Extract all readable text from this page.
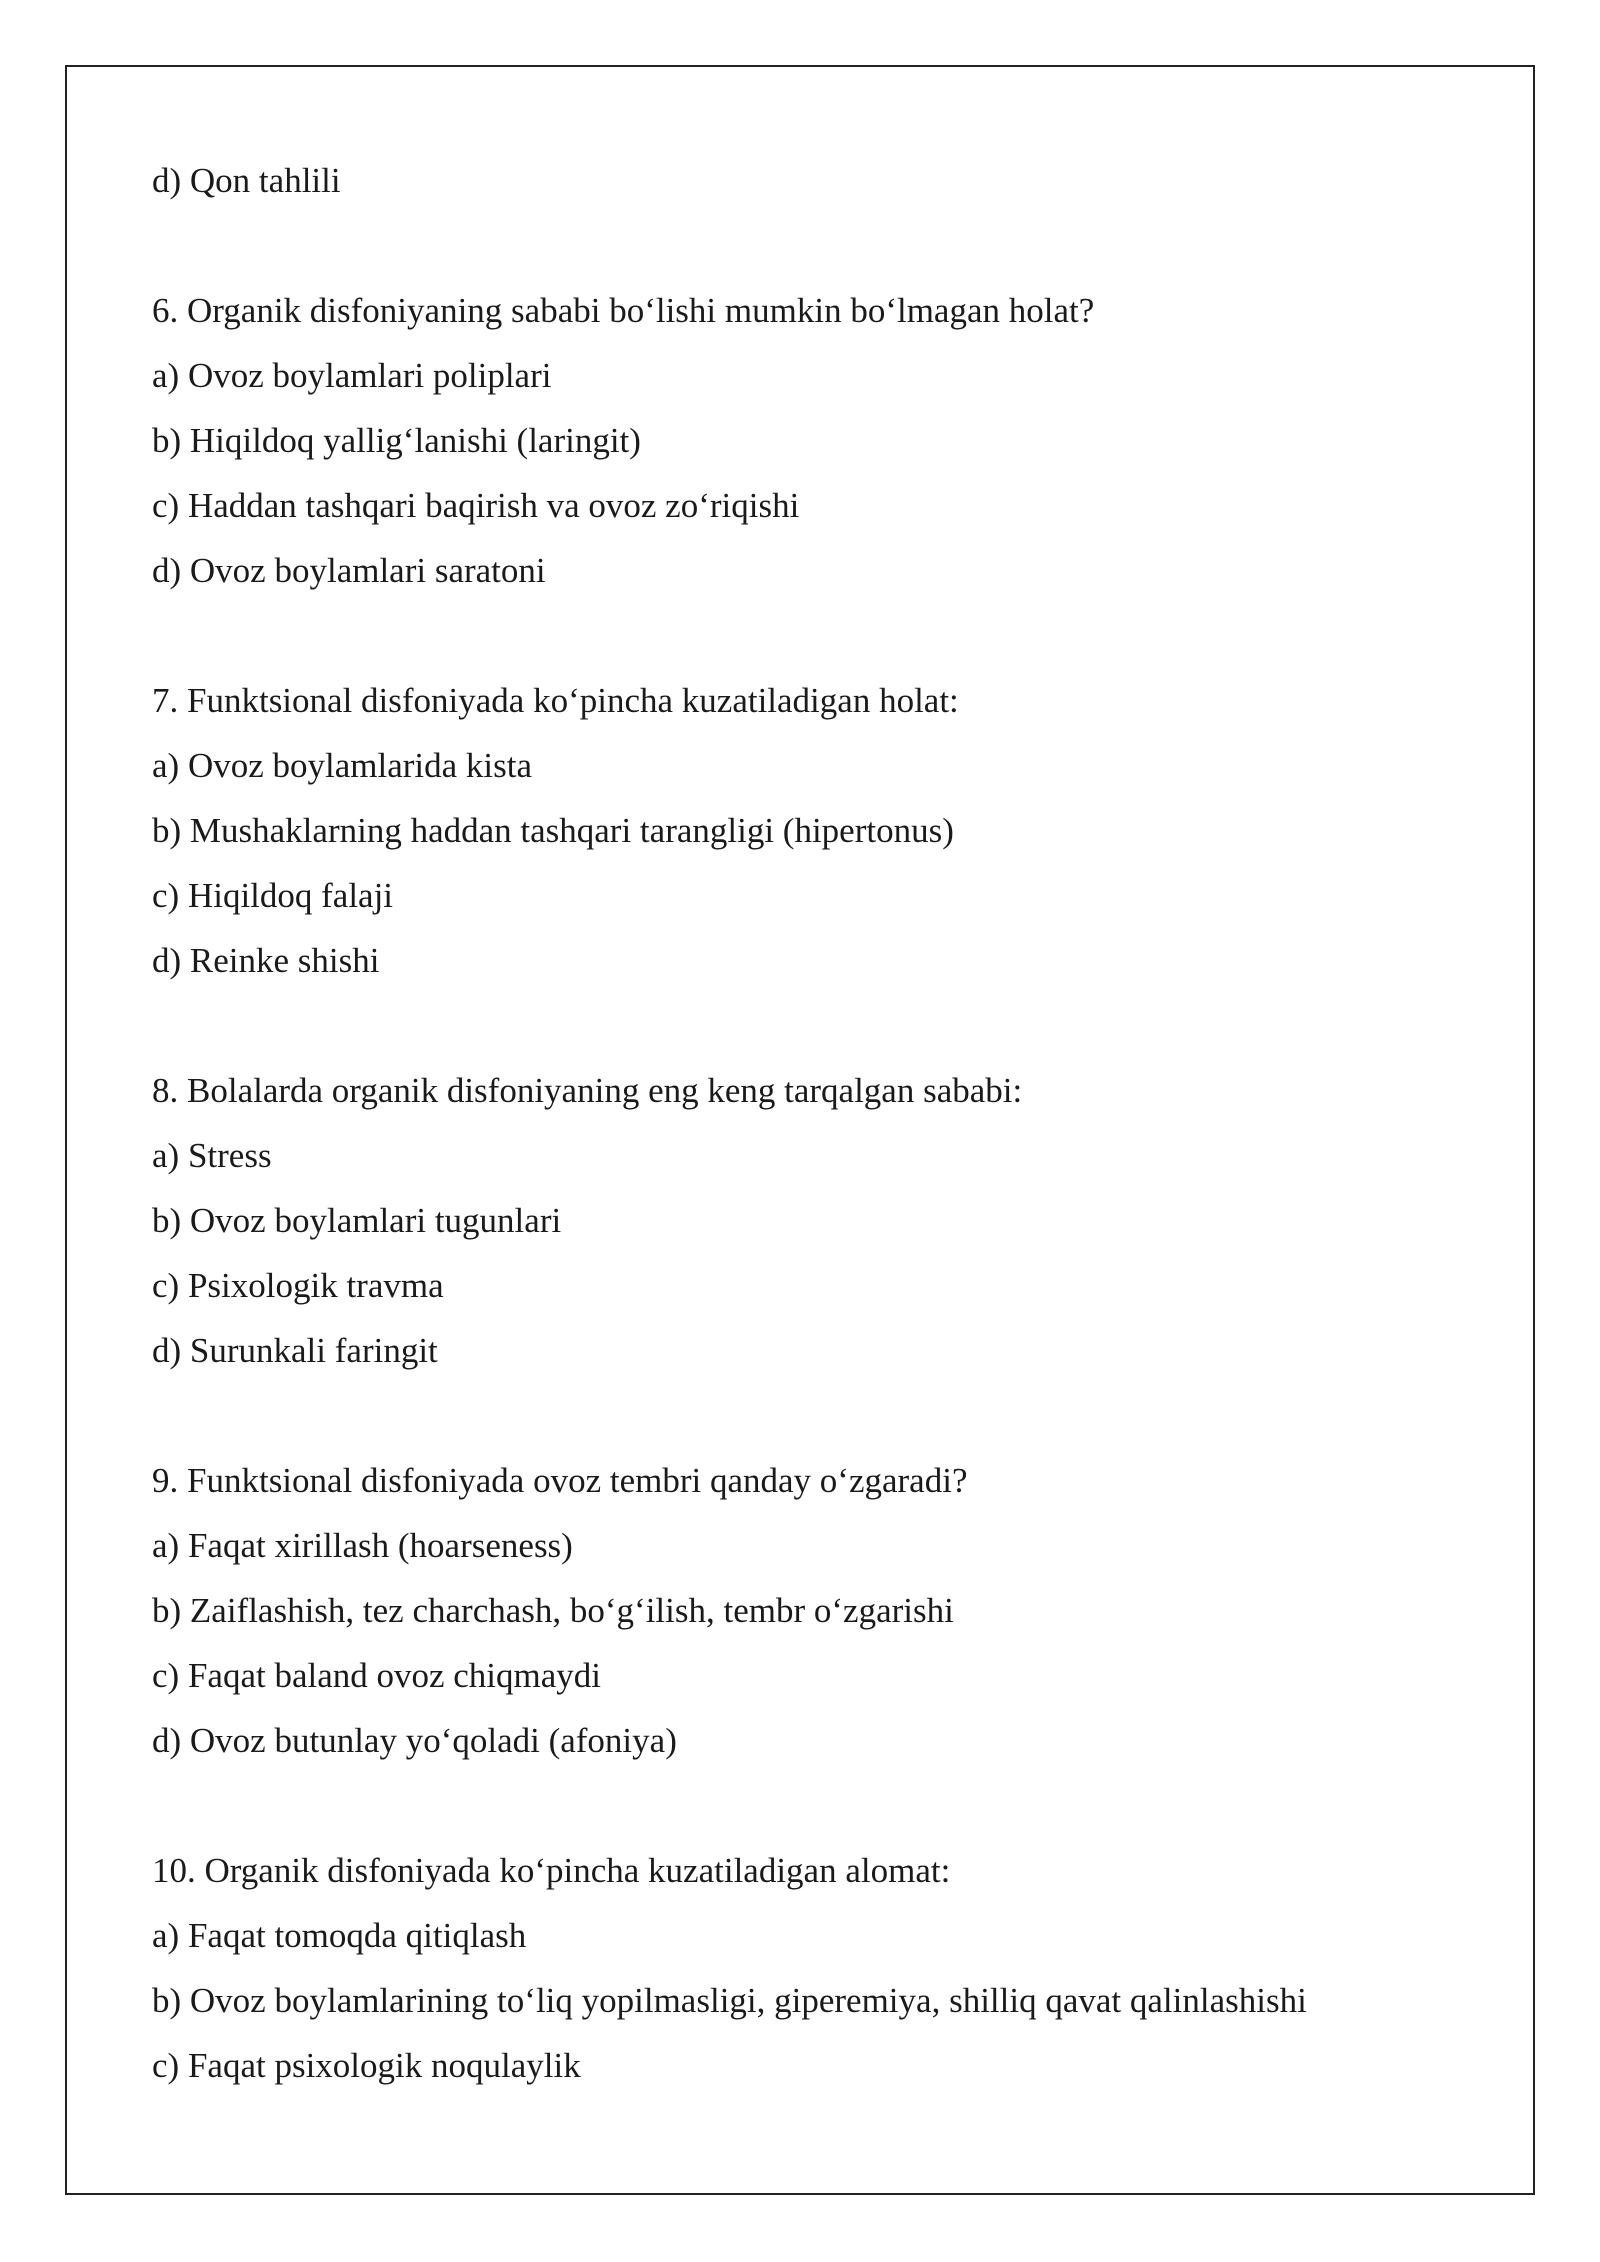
d) Qon tahlili
6. Organik disfoniyaning sababi bo‘lishi mumkin bo‘lmagan holat?
a) Ovoz boylamlari poliplari
b) Hiqildoq yallig‘lanishi (laringit)
c) Haddan tashqari baqirish va ovoz zo‘riqishi
d) Ovoz boylamlari saratoni
7. Funktsional disfoniyada ko‘pincha kuzatiladigan holat:
a) Ovoz boylamlarida kista
b) Mushaklarning haddan tashqari tarangligi (hipertonus)
c) Hiqildoq falaji
d) Reinke shishi
8. Bolalarda organik disfoniyaning eng keng tarqalgan sababi:
a) Stress
b) Ovoz boylamlari tugunlari
c) Psixologik travma
d) Surunkali faringit
9. Funktsional disfoniyada ovoz tembri qanday o‘zgaradi?
a) Faqat xirillash (hoarseness)
b) Zaiflashish, tez charchash, bo‘g‘ilish, tembr o‘zgarishi
c) Faqat baland ovoz chiqmaydi
d) Ovoz butunlay yo‘qoladi (afoniya)
10. Organik disfoniyada ko‘pincha kuzatiladigan alomat:
a) Faqat tomoqda qitiqlash
b) Ovoz boylamlarining to‘liq yopilmasligi, giperemiya, shilliq qavat qalinlashishi
c) Faqat psixologik noqulaylik
